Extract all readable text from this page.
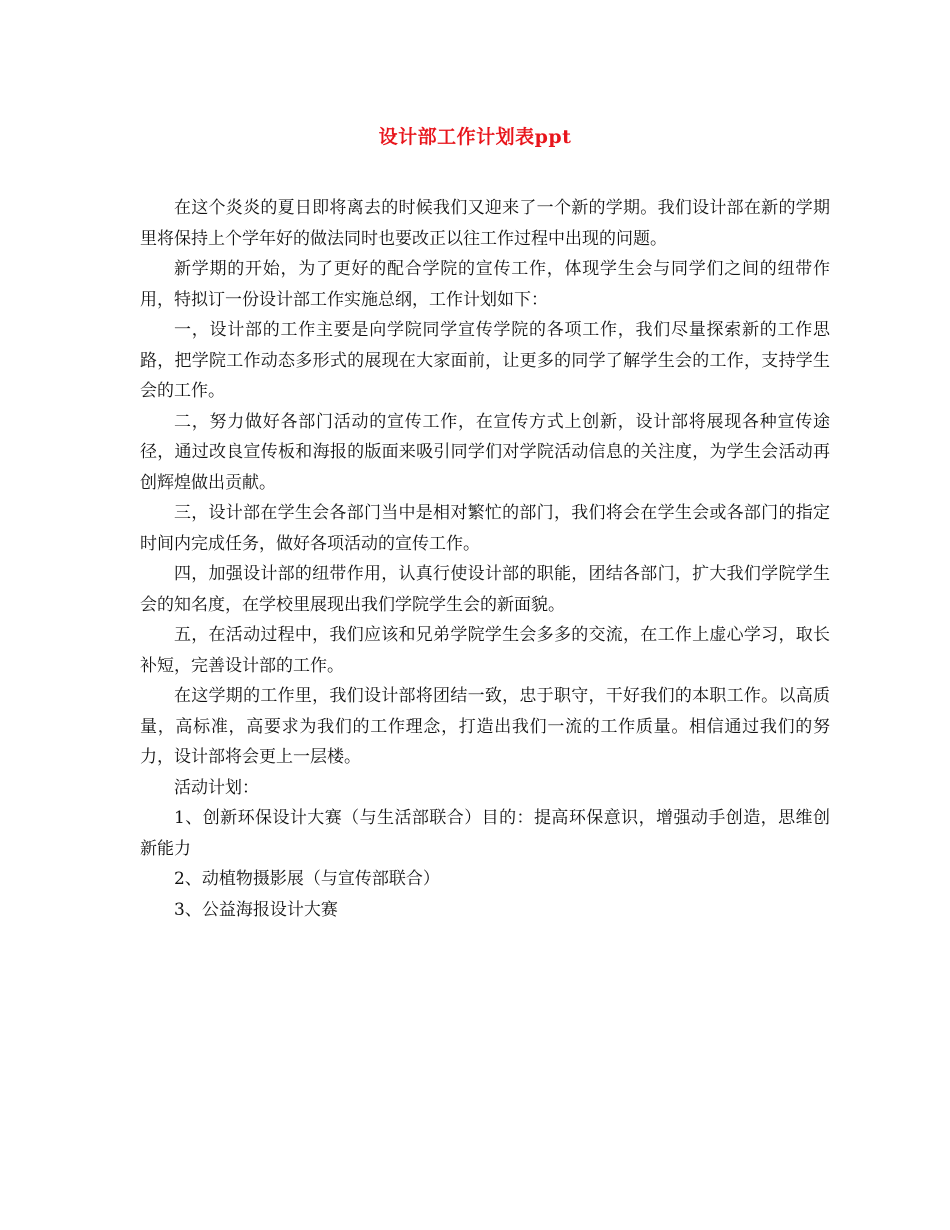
设计部工作计划表ppt

在这个炎炎的夏日即将离去的时候我们又迎来了一个新的学期。我们设计部在新的学期里将保持上个学年好的做法同时也要改正以往工作过程中出现的问题。

新学期的开始，为了更好的配合学院的宣传工作，体现学生会与同学们之间的纽带作用，特拟订一份设计部工作实施总纲，工作计划如下：

一，设计部的工作主要是向学院同学宣传学院的各项工作，我们尽量探索新的工作思路，把学院工作动态多形式的展现在大家面前，让更多的同学了解学生会的工作，支持学生会的工作。

二，努力做好各部门活动的宣传工作，在宣传方式上创新，设计部将展现各种宣传途径，通过改良宣传板和海报的版面来吸引同学们对学院活动信息的关注度，为学生会活动再创辉煌做出贡献。

三，设计部在学生会各部门当中是相对繁忙的部门，我们将会在学生会或各部门的指定时间内完成任务，做好各项活动的宣传工作。

四，加强设计部的纽带作用，认真行使设计部的职能，团结各部门，扩大我们学院学生会的知名度，在学校里展现出我们学院学生会的新面貌。

五，在活动过程中，我们应该和兄弟学院学生会多多的交流，在工作上虚心学习，取长补短，完善设计部的工作。

在这学期的工作里，我们设计部将团结一致，忠于职守，干好我们的本职工作。以高质量，高标准，高要求为我们的工作理念，打造出我们一流的工作质量。相信通过我们的努力，设计部将会更上一层楼。

活动计划：

1、创新环保设计大赛（与生活部联合）目的：提高环保意识，增强动手创造，思维创新能力

2、动植物摄影展（与宣传部联合）

3、公益海报设计大赛
